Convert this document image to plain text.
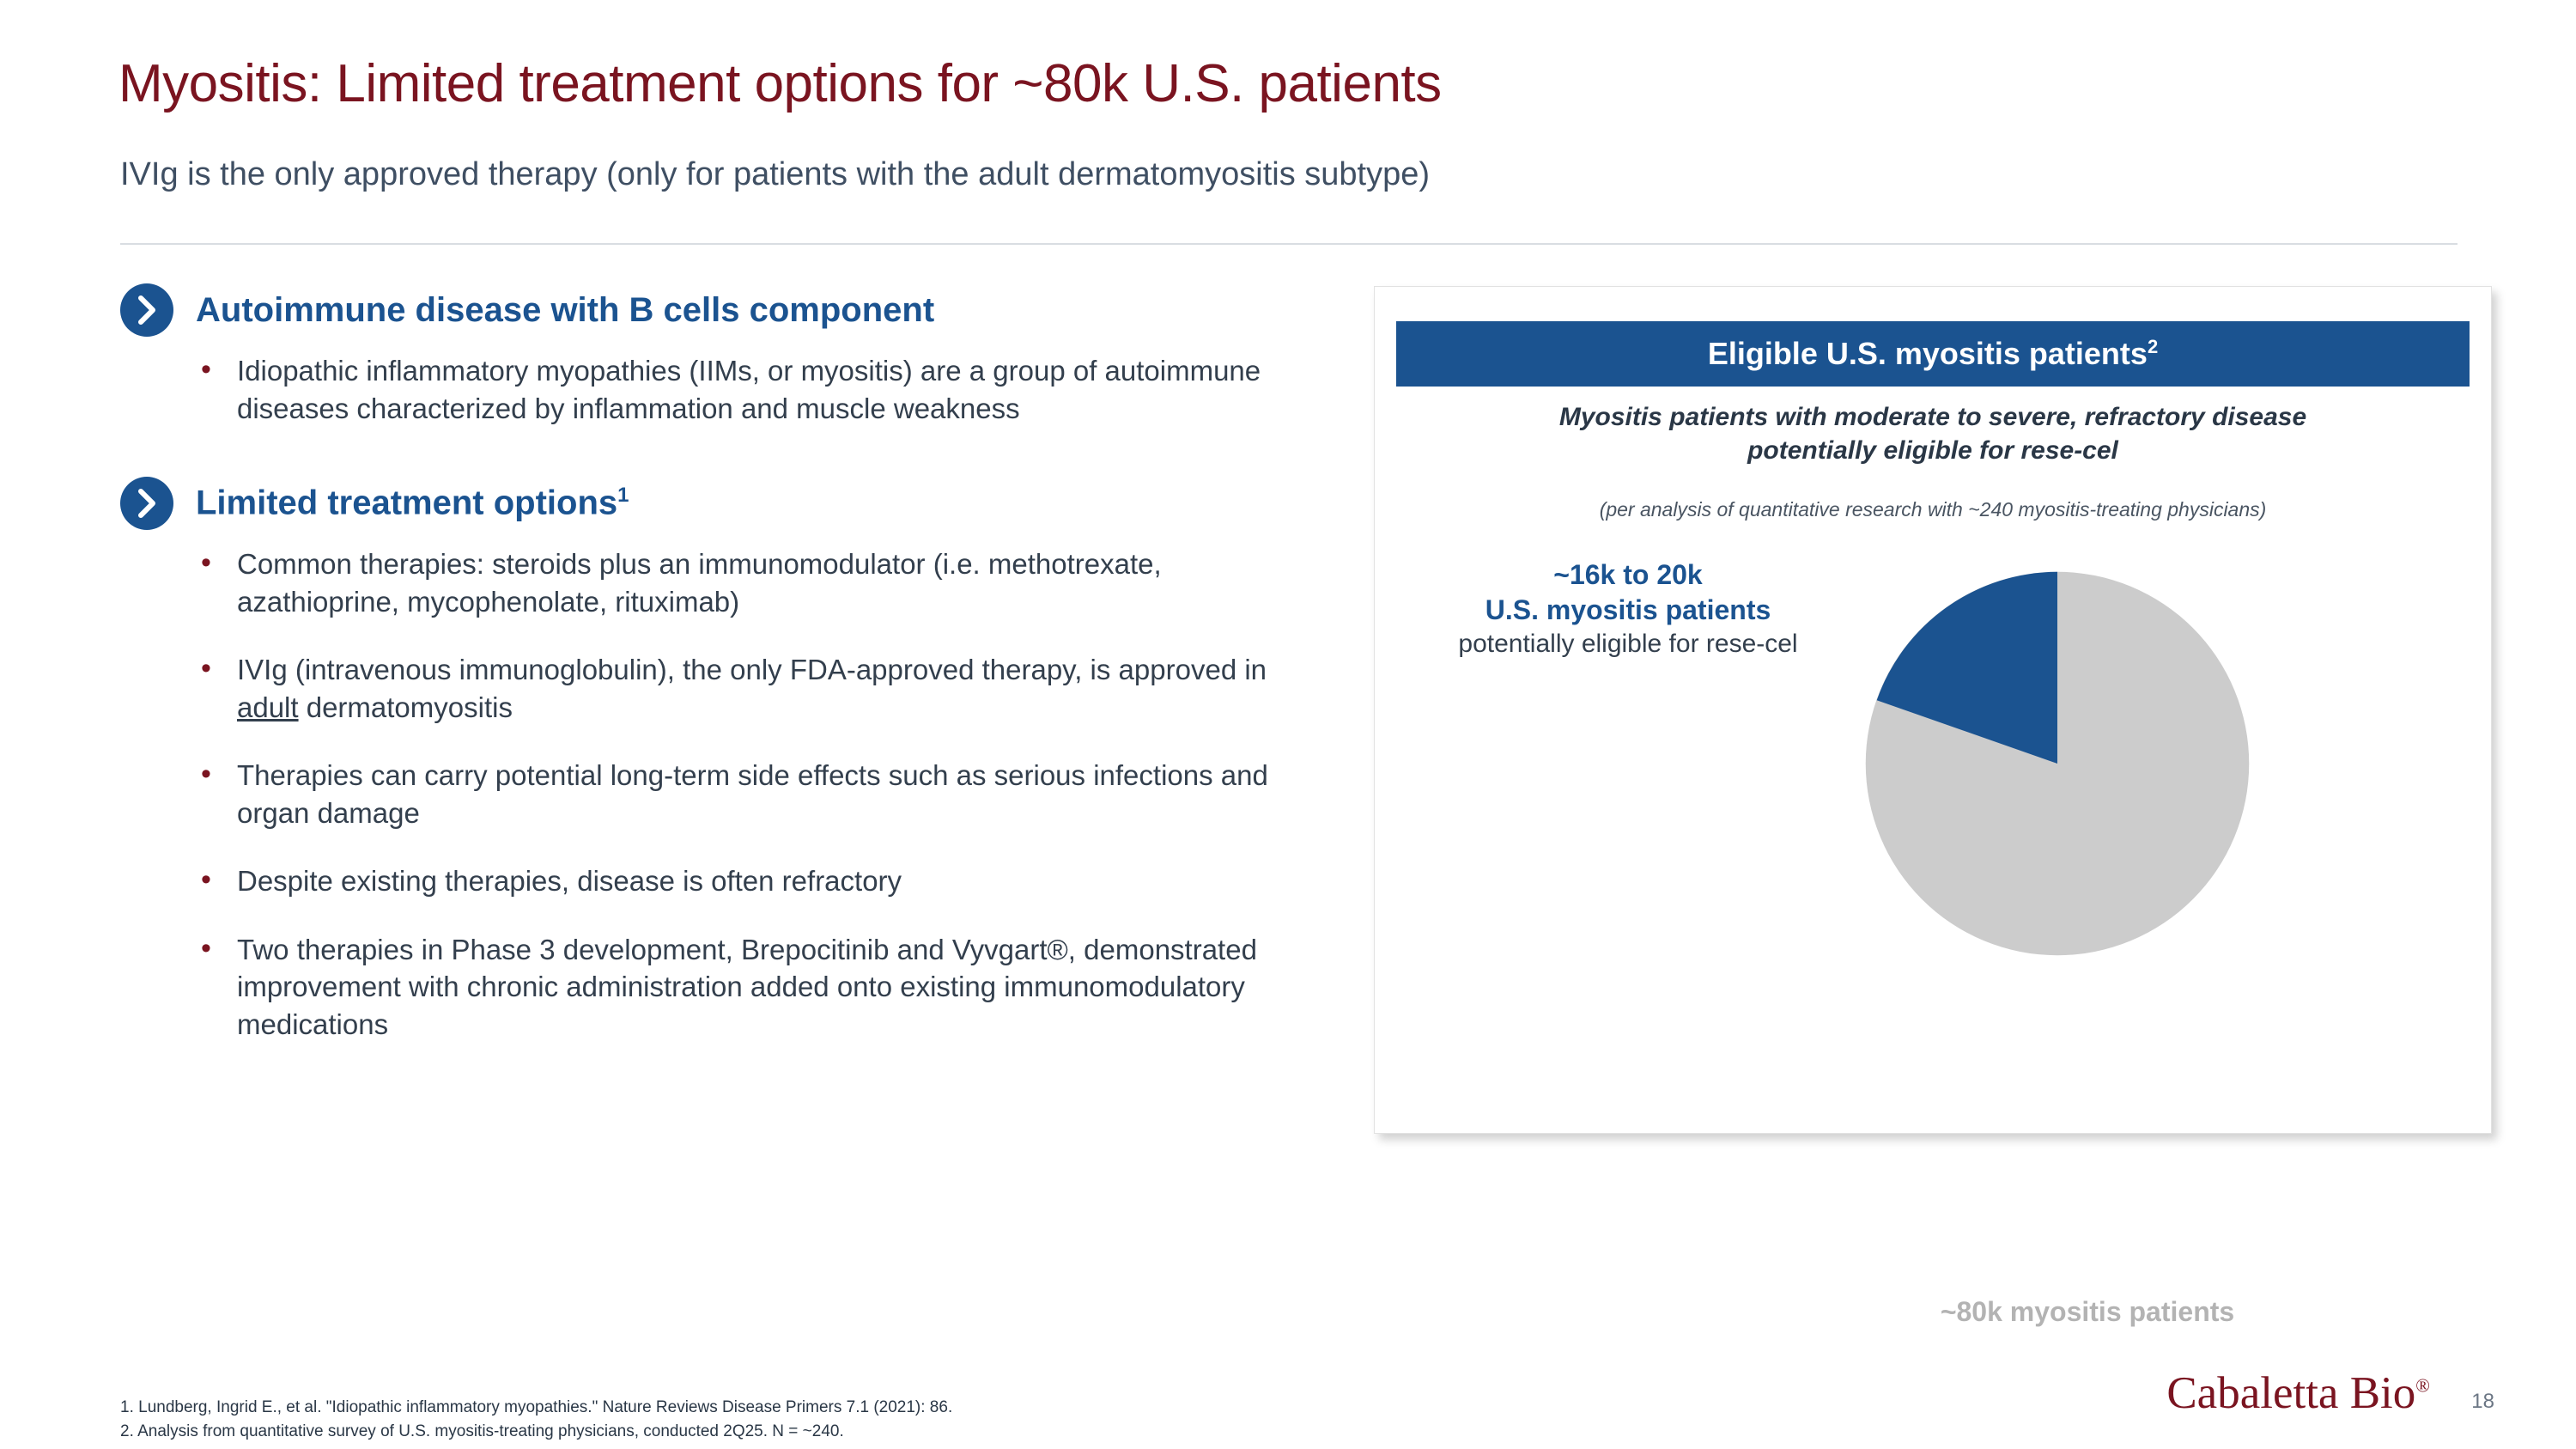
Myositis: Limited treatment options for ~80k U.S. patients
IVIg is the only approved therapy (only for patients with the adult dermatomyositis subtype)
Autoimmune disease with B cells component
• Idiopathic inflammatory myopathies (IIMs, or myositis) are a group of autoimmune diseases characterized by inflammation and muscle weakness
Limited treatment options$^1$
• Common therapies: steroids plus an immunomodulator (i.e. methotrexate, azathioprine, mycophenolate, rituximab)
• IVIg (intravenous immunoglobulin), the only FDA-approved therapy, is approved in adult dermatomyositis
• Therapies can carry potential long-term side effects such as serious infections and organ damage
• Despite existing therapies, disease is often refractory
• Two therapies in Phase 3 development, Brepocitinib and Vyvgart®, demonstrated improvement with chronic administration added onto existing immunomodulatory medications
Eligible U.S. myositis patients$^2$
Myositis patients with moderate to severe, refractory disease
potentially eligible for rese-cel
(per analysis of quantitative research with ~240 myositis-treating physicians)
~16k to 20k
U.S. myositis patients
potentially eligible for rese-cel
~80k myositis patients
1. Lundberg, Ingrid E., et al. "Idiopathic inflammatory myopathies." Nature Reviews Disease Primers 7.1 (2021): 86.
2. Analysis from quantitative survey of U.S. myositis-treating physicians, conducted 2Q25. N = ~240.
Cabaletta Bio®
18
